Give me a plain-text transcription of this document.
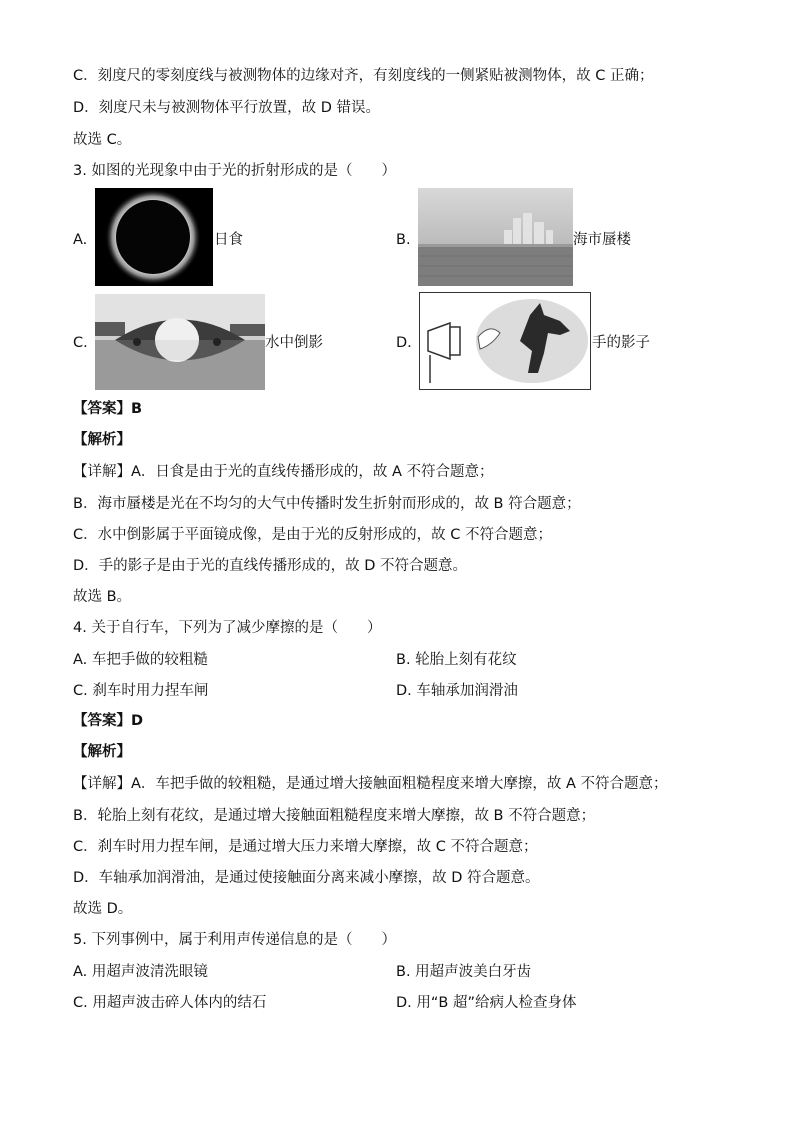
C．刻度尺的零刻度线与被测物体的边缘对齐，有刻度线的一侧紧贴被测物体，故 C 正确；
D．刻度尺未与被测物体平行放置，故 D 错误。
故选 C。
3. 如图的光现象中由于光的折射形成的是（　　）
A.	日食	B.	海市蜃楼
C.	水中倒影	D.	手的影子
【答案】B
【解析】
【详解】A．日食是由于光的直线传播形成的，故 A 不符合题意；
B．海市蜃楼是光在不均匀的大气中传播时发生折射而形成的，故 B 符合题意；
C．水中倒影属于平面镜成像，是由于光的反射形成的，故 C 不符合题意；
D．手的影子是由于光的直线传播形成的，故 D 不符合题意。
故选 B。
4. 关于自行车，下列为了减少摩擦的是（　　）
A. 车把手做的较粗糙	B. 轮胎上刻有花纹
C. 刹车时用力捏车闸	D. 车轴承加润滑油
【答案】D
【解析】
【详解】A．车把手做的较粗糙，是通过增大接触面粗糙程度来增大摩擦，故 A 不符合题意；
B．轮胎上刻有花纹，是通过增大接触面粗糙程度来增大摩擦，故 B 不符合题意；
C．刹车时用力捏车闸，是通过增大压力来增大摩擦，故 C 不符合题意；
D．车轴承加润滑油，是通过使接触面分离来减小摩擦，故 D 符合题意。
故选 D。
5. 下列事例中，属于利用声传递信息的是（　　）
A. 用超声波清洗眼镜	B. 用超声波美白牙齿
C. 用超声波击碎人体内的结石	D. 用“B 超”给病人检查身体
